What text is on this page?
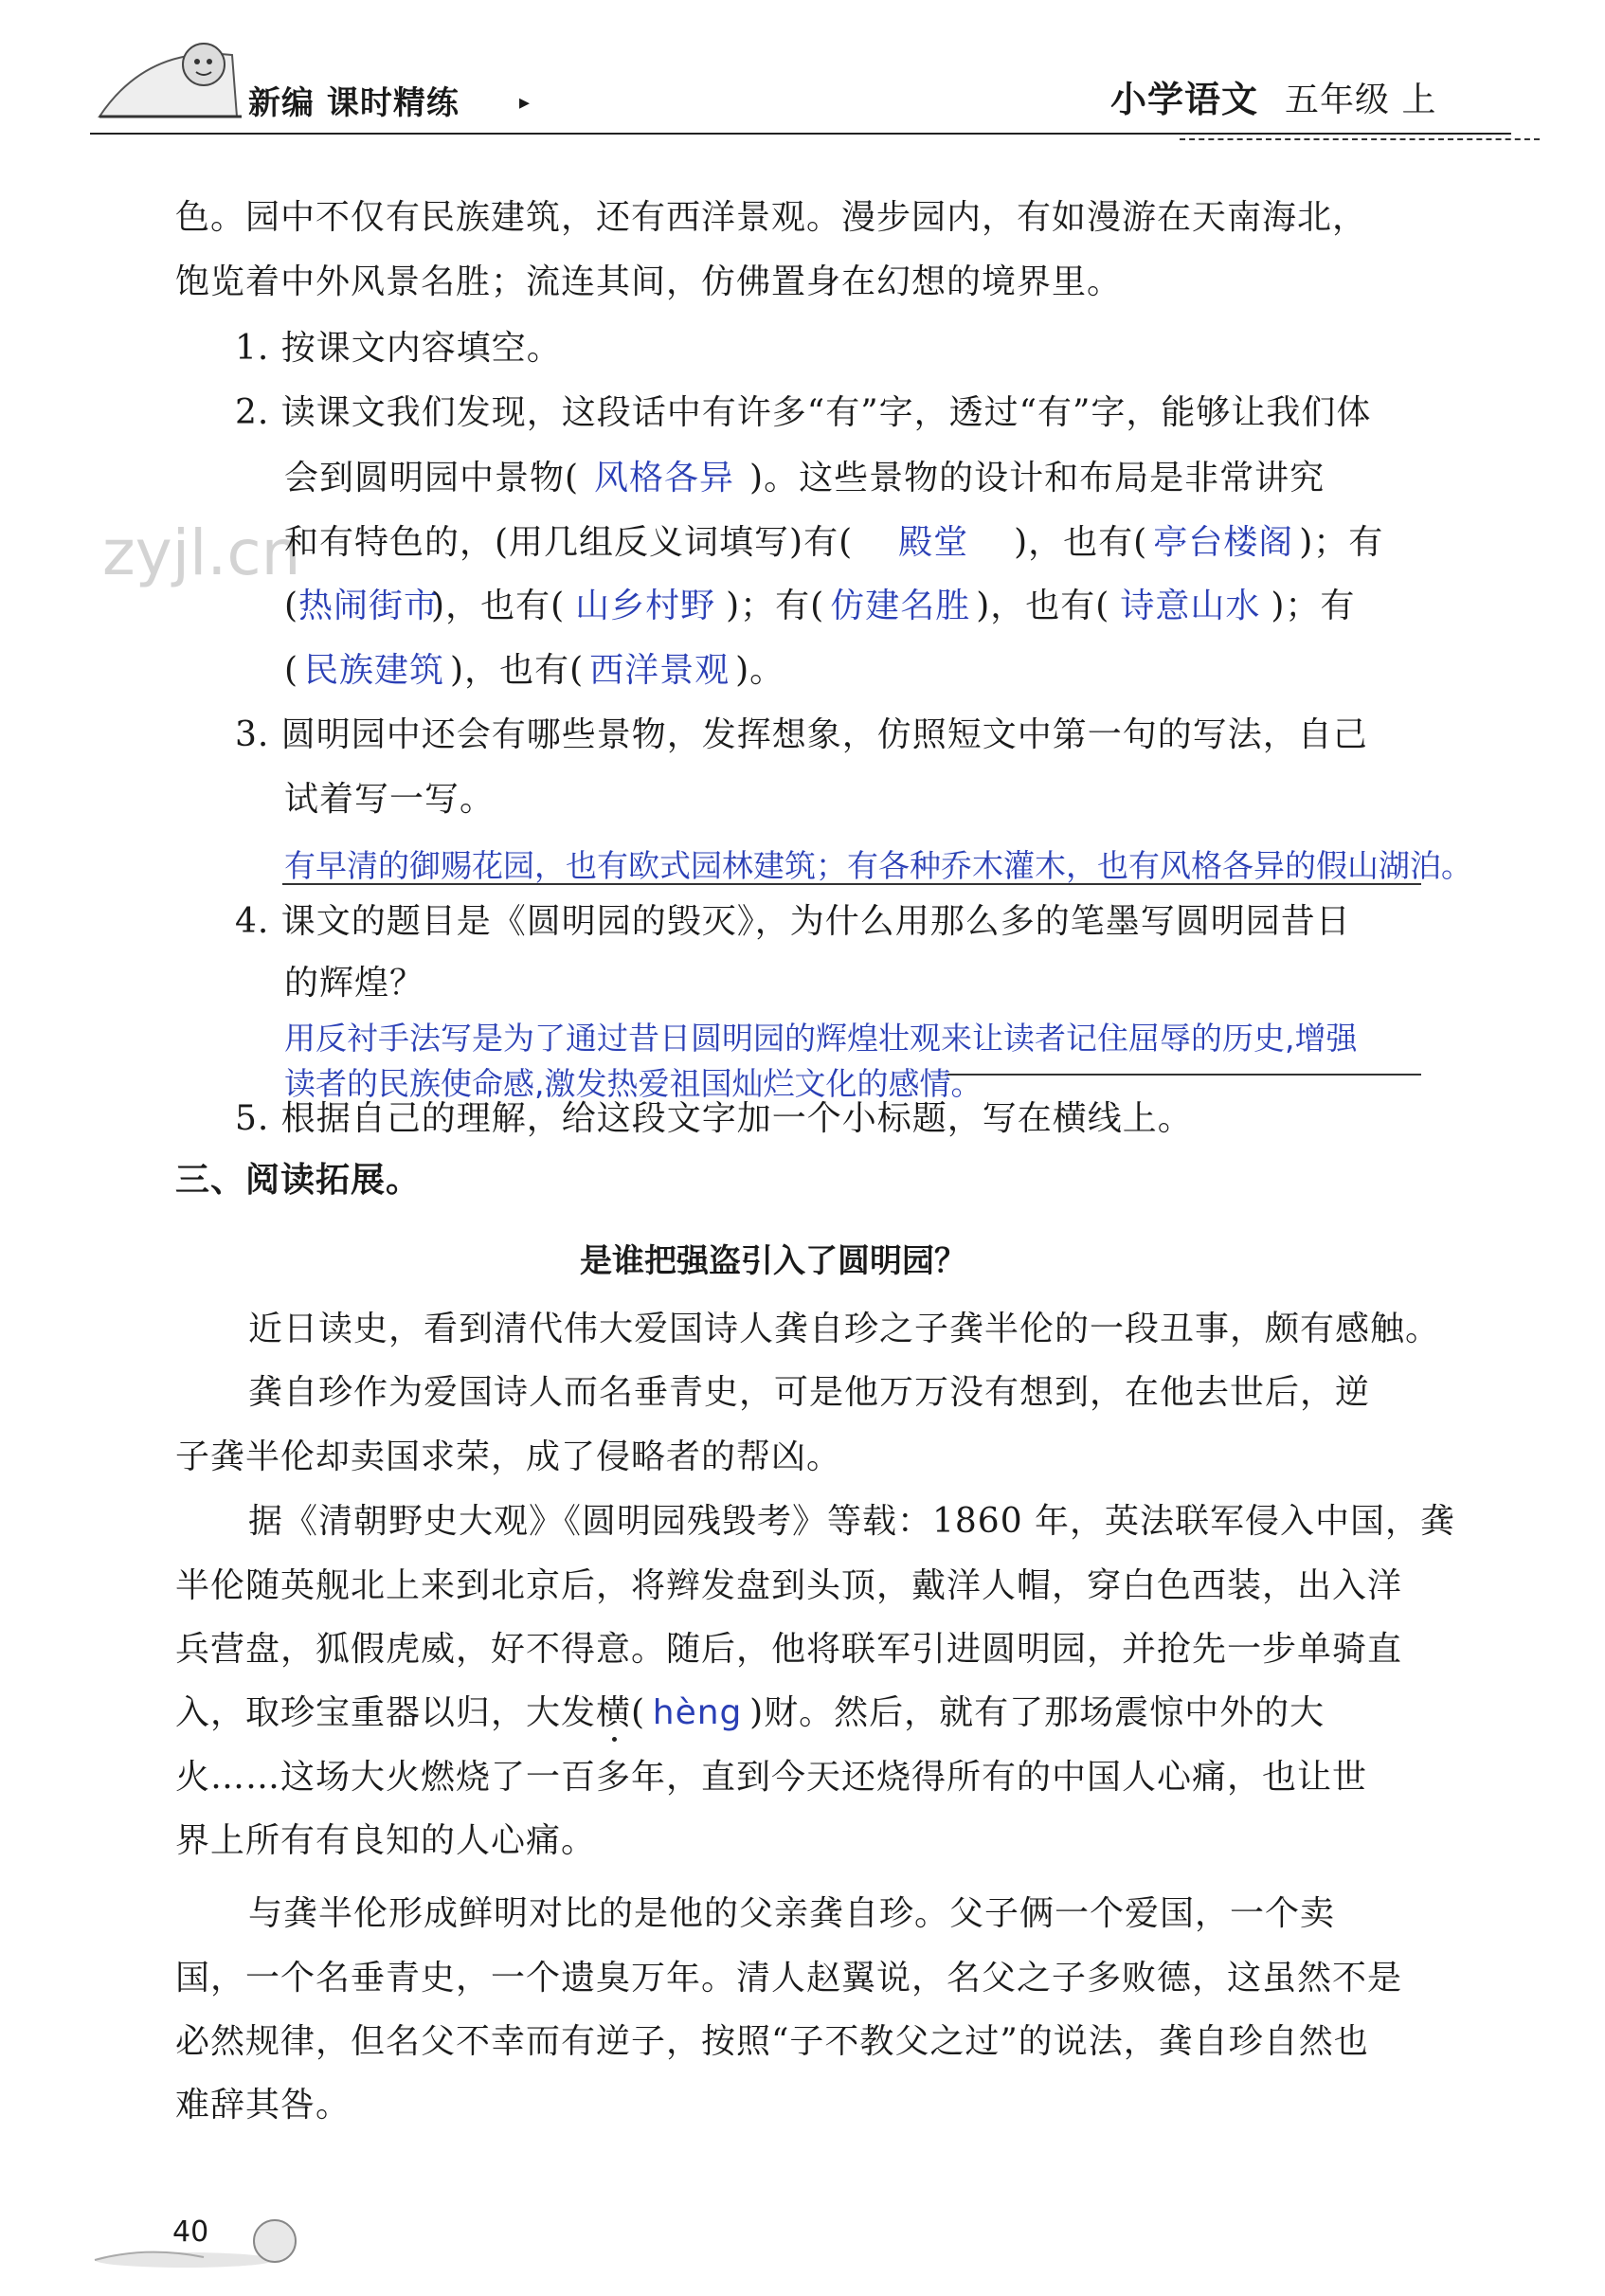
新编 课时精练	▸	小学语文 五年级 上
zyjl.cn
色。园中不仅有民族建筑，还有西洋景观。漫步园内，有如漫游在天南海北，
饱览着中外风景名胜；流连其间，仿佛置身在幻想的境界里。
1. 按课文内容填空。
2. 读课文我们发现，这段话中有许多“有”字，透过“有”字，能够让我们体
会到圆明园中景物( 风格各异 )。这些景物的设计和布局是非常讲究
和有特色的，(用几组反义词填写)有( 殿堂 )，也有( 亭台楼阁 )；有
(热闹街市)，也有( 山乡村野 )；有( 仿建名胜 )，也有( 诗意山水 )；有
( 民族建筑 )，也有( 西洋景观 )。
3. 圆明园中还会有哪些景物，发挥想象，仿照短文中第一句的写法，自己
试着写一写。
有早清的御赐花园，也有欧式园林建筑；有各种乔木灌木，也有风格各异的假山湖泊。
4. 课文的题目是《圆明园的毁灭》，为什么用那么多的笔墨写圆明园昔日
的辉煌？
用反衬手法写是为了通过昔日圆明园的辉煌壮观来让读者记住屈辱的历史,增强
读者的民族使命感,激发热爱祖国灿烂文化的感情。
5. 根据自己的理解，给这段文字加一个小标题，写在横线上。
三、阅读拓展。
是谁把强盗引入了圆明园？
近日读史，看到清代伟大爱国诗人龚自珍之子龚半伦的一段丑事，颇有感触。
龚自珍作为爱国诗人而名垂青史，可是他万万没有想到，在他去世后，逆
子龚半伦却卖国求荣，成了侵略者的帮凶。
据《清朝野史大观》《圆明园残毁考》等载：1860 年，英法联军侵入中国，龚
半伦随英舰北上来到北京后，将辫发盘到头顶，戴洋人帽，穿白色西装，出入洋
兵营盘，狐假虎威，好不得意。随后，他将联军引进圆明园，并抢先一步单骑直
入，取珍宝重器以归，大发横( hèng )财。然后，就有了那场震惊中外的大
火……这场大火燃烧了一百多年，直到今天还烧得所有的中国人心痛，也让世
界上所有有良知的人心痛。
与龚半伦形成鲜明对比的是他的父亲龚自珍。父子俩一个爱国，一个卖
国，一个名垂青史，一个遗臭万年。清人赵翼说，名父之子多败德，这虽然不是
必然规律，但名父不幸而有逆子，按照“子不教父之过”的说法，龚自珍自然也
难辞其咎。
40
